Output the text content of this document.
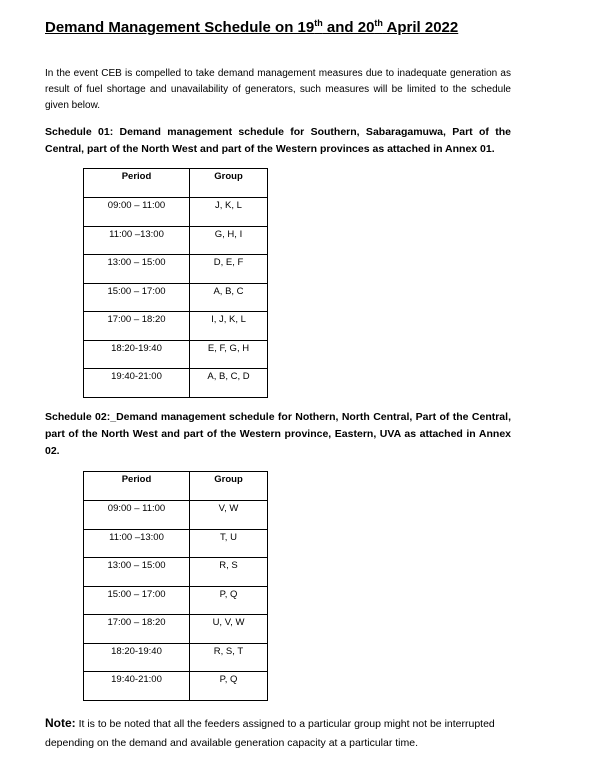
Demand Management Schedule on 19th and 20th April 2022
In the event CEB is compelled to take demand management measures due to inadequate generation as result of fuel shortage and unavailability of generators, such measures will be limited to the schedule given below.
Schedule 01: Demand management schedule for Southern, Sabaragamuwa, Part of the Central, part of the North West and part of the Western provinces as attached in Annex 01.
Period	Group
09:00 – 11:00	J, K, L
11:00 –13:00	G, H, I
13:00 – 15:00	D, E, F
15:00 – 17:00	A, B, C
17:00 – 18:20	I, J, K, L
18:20-19:40	E, F, G, H
19:40-21:00	A, B, C, D
Schedule 02:_Demand management schedule for Nothern, North Central, Part of the Central, part of the North West and part of the Western province, Eastern, UVA as attached in Annex 02.
Period	Group
09:00 – 11:00	V, W
11:00 –13:00	T, U
13:00 – 15:00	R, S
15:00 – 17:00	P, Q
17:00 – 18:20	U, V, W
18:20-19:40	R, S, T
19:40-21:00	P, Q
Note: It is to be noted that all the feeders assigned to a particular group might not be interrupted depending on the demand and available generation capacity at a particular time.
